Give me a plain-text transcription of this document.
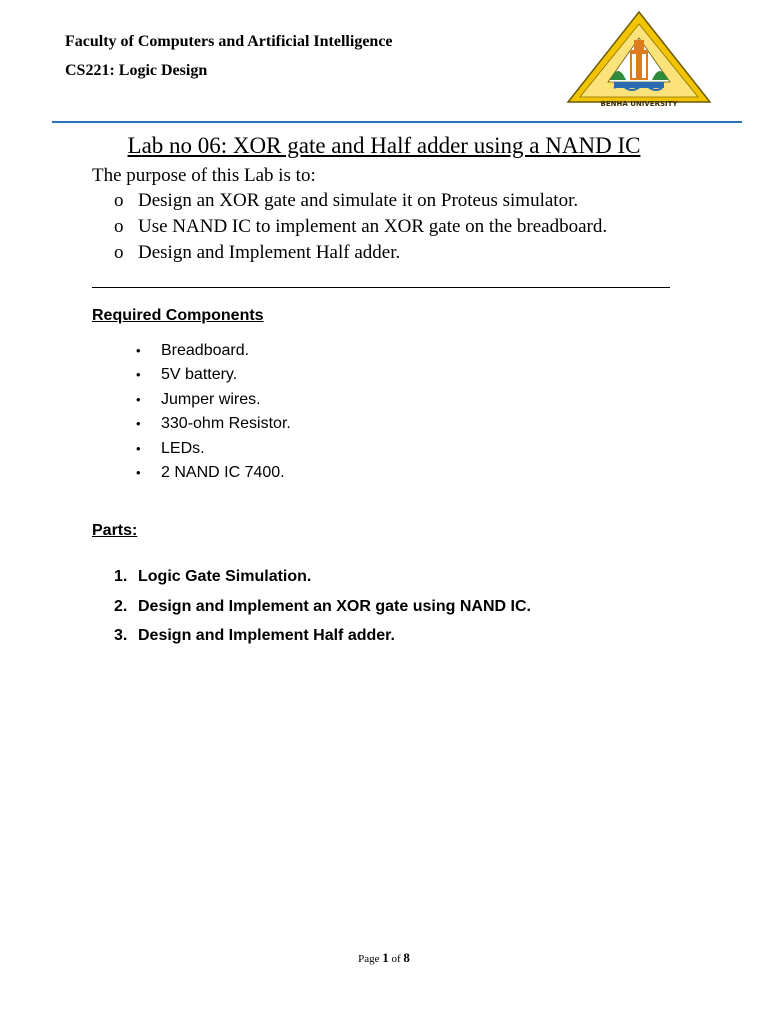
Faculty of Computers and Artificial Intelligence
CS221: Logic Design
BENHA UNIVERSITY
Lab no 06: XOR gate and Half adder using a NAND IC
The purpose of this Lab is to:
o Design an XOR gate and simulate it on Proteus simulator.
o Use NAND IC to implement an XOR gate on the breadboard.
o Design and Implement Half adder.
Required Components
•	Breadboard.
•	5V battery.
•	Jumper wires.
•	330-ohm Resistor.
•	LEDs.
•	2 NAND IC 7400.
Parts:
1. Logic Gate Simulation.
2. Design and Implement an XOR gate using NAND IC.
3. Design and Implement Half adder.
Page 1 of 8
